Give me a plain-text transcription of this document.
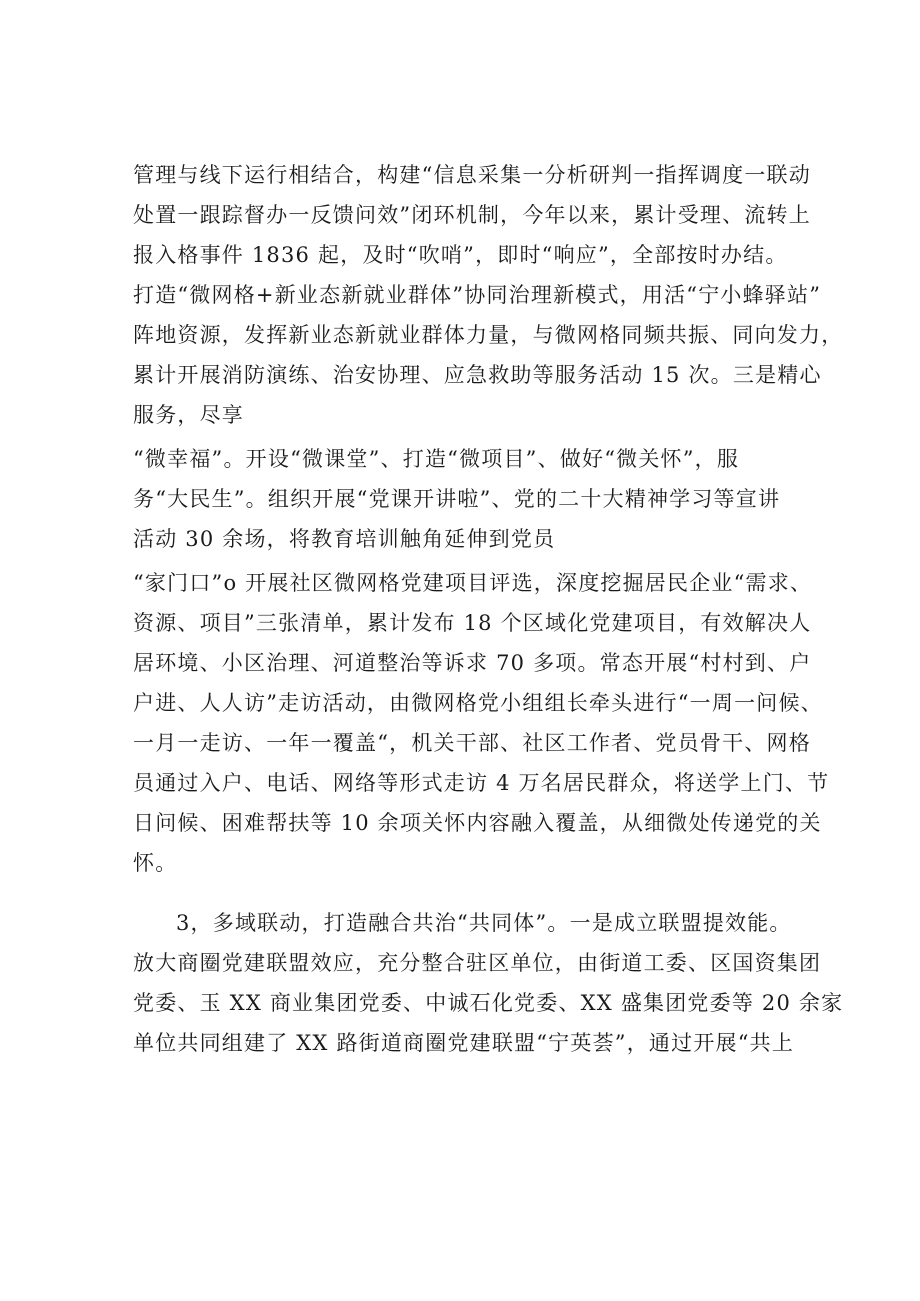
管理与线下运行相结合，构建“信息采集一分析研判一指挥调度一联动
处置一跟踪督办一反馈问效”闭环机制，今年以来，累计受理、流转上
报入格事件 1836 起，及时“吹哨”，即时“响应”，全部按时办结。
打造“微网格+新业态新就业群体”协同治理新模式，用活“宁小蜂驿站”
阵地资源，发挥新业态新就业群体力量，与微网格同频共振、同向发力，
累计开展消防演练、治安协理、应急救助等服务活动 15 次。三是精心
服务，尽享
“微幸福”。开设“微课堂”、打造“微项目”、做好“微关怀”，服
务“大民生”。组织开展“党课开讲啦”、党的二十大精神学习等宣讲
活动 30 余场，将教育培训触角延伸到党员
“家门口”o 开展社区微网格党建项目评选，深度挖掘居民企业“需求、
资源、项目”三张清单，累计发布 18 个区域化党建项目，有效解决人
居环境、小区治理、河道整治等诉求 70 多项。常态开展“村村到、户
户进、人人访”走访活动，由微网格党小组组长牵头进行“一周一问候、
一月一走访、一年一覆盖“，机关干部、社区工作者、党员骨干、网格
员通过入户、电话、网络等形式走访 4 万名居民群众，将送学上门、节
日问候、困难帮扶等 10 余项关怀内容融入覆盖，从细微处传递党的关
怀。
3，多域联动，打造融合共治“共同体”。一是成立联盟提效能。
放大商圈党建联盟效应，充分整合驻区单位，由街道工委、区国资集团
党委、玉 XX 商业集团党委、中诚石化党委、XX 盛集团党委等 20 余家
单位共同组建了 XX 路街道商圈党建联盟“宁英荟”，通过开展“共上
